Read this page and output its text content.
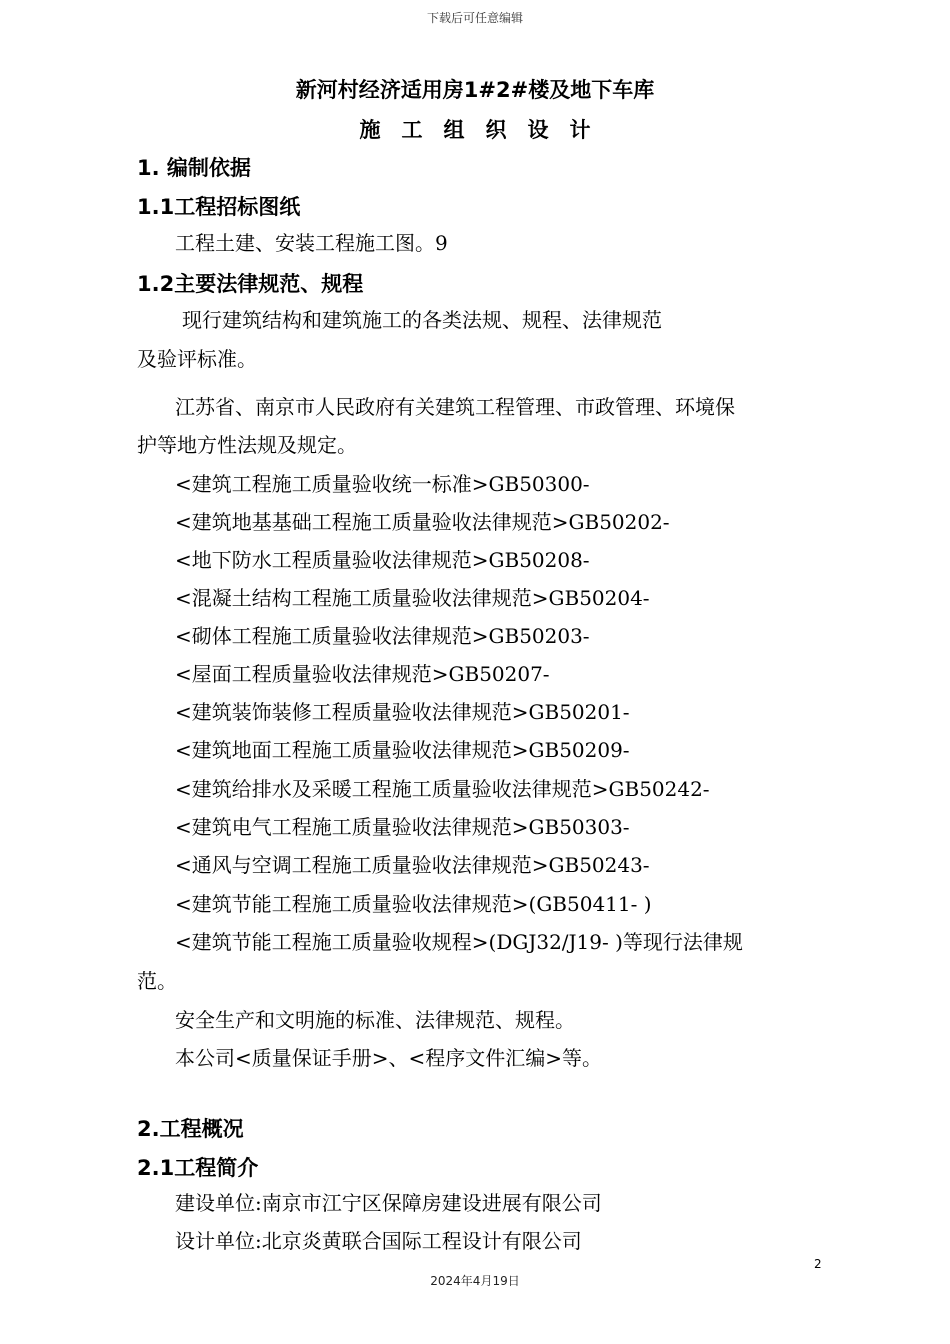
下载后可任意编辑
新河村经济适用房1#2#楼及地下车库
施工组织设计
1. 编制依据
1.1工程招标图纸
工程土建、安装工程施工图。9
1.2主要法律规范、规程
现行建筑结构和建筑施工的各类法规、规程、法律规范
及验评标准。
江苏省、南京市人民政府有关建筑工程管理、市政管理、环境保
护等地方性法规及规定。
<建筑工程施工质量验收统一标准>GB50300-
<建筑地基基础工程施工质量验收法律规范>GB50202-
<地下防水工程质量验收法律规范>GB50208-
<混凝土结构工程施工质量验收法律规范>GB50204-
<砌体工程施工质量验收法律规范>GB50203-
<屋面工程质量验收法律规范>GB50207-
<建筑装饰装修工程质量验收法律规范>GB50201-
<建筑地面工程施工质量验收法律规范>GB50209-
<建筑给排水及采暖工程施工质量验收法律规范>GB50242-
<建筑电气工程施工质量验收法律规范>GB50303-
<通风与空调工程施工质量验收法律规范>GB50243-
<建筑节能工程施工质量验收法律规范>(GB50411- )
<建筑节能工程施工质量验收规程>(DGJ32/J19- )等现行法律规
范。
安全生产和文明施的标准、法律规范、规程。
本公司<质量保证手册>、<程序文件汇编>等。
2.工程概况
2.1工程简介
建设单位:南京市江宁区保障房建设进展有限公司
设计单位:北京炎黄联合国际工程设计有限公司
2
2024年4月19日
